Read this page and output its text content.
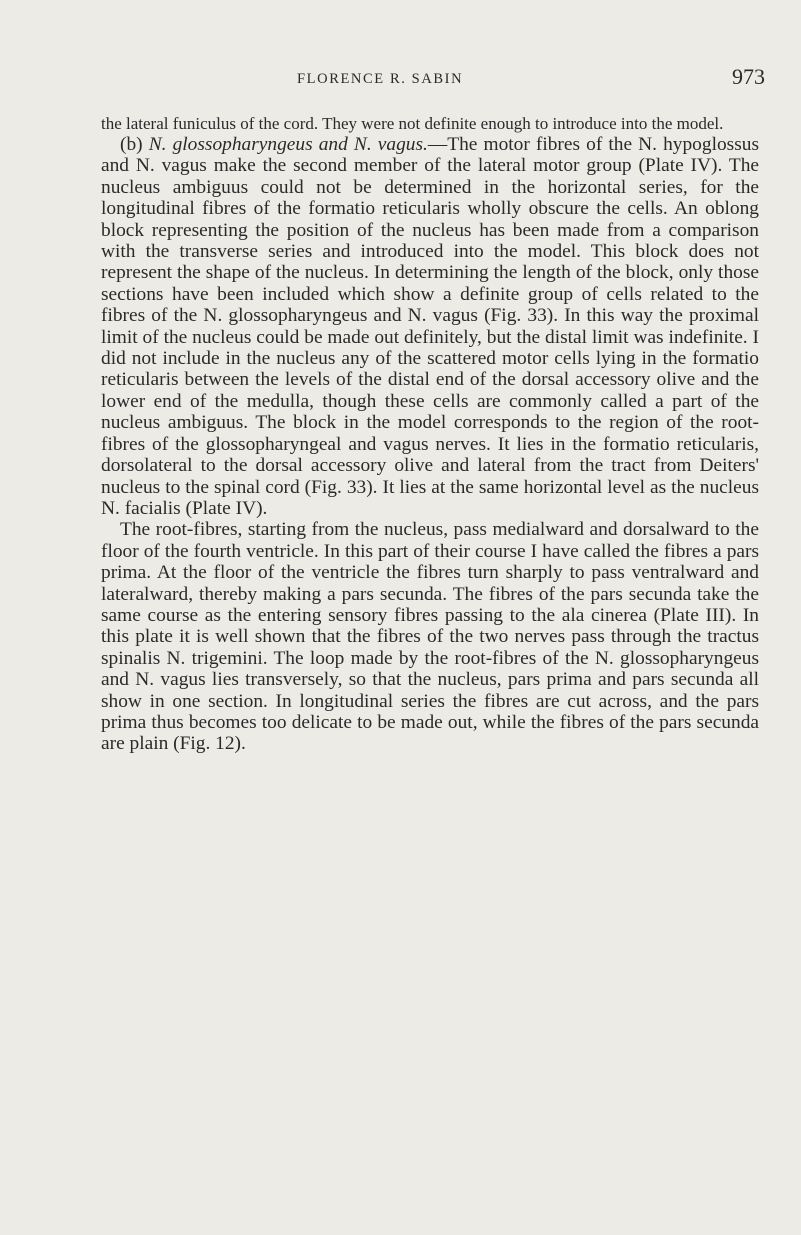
FLORENCE R. SABIN	973

the lateral funiculus of the cord. They were not definite enough to introduce into the model.

(b) N. glossopharyngeus and N. vagus.—The motor fibres of the N. hypoglossus and N. vagus make the second member of the lateral motor group (Plate IV). The nucleus ambiguus could not be determined in the horizontal series, for the longitudinal fibres of the formatio reticularis wholly obscure the cells. An oblong block representing the position of the nucleus has been made from a comparison with the transverse series and introduced into the model. This block does not represent the shape of the nucleus. In determining the length of the block, only those sections have been included which show a definite group of cells related to the fibres of the N. glossopharyngeus and N. vagus (Fig. 33). In this way the proximal limit of the nucleus could be made out definitely, but the distal limit was indefinite. I did not include in the nucleus any of the scattered motor cells lying in the formatio reticularis between the levels of the distal end of the dorsal accessory olive and the lower end of the medulla, though these cells are commonly called a part of the nucleus ambiguus. The block in the model corresponds to the region of the root-fibres of the glossopharyngeal and vagus nerves. It lies in the formatio reticularis, dorsolateral to the dorsal accessory olive and lateral from the tract from Deiters' nucleus to the spinal cord (Fig. 33). It lies at the same horizontal level as the nucleus N. facialis (Plate IV).

The root-fibres, starting from the nucleus, pass medialward and dorsalward to the floor of the fourth ventricle. In this part of their course I have called the fibres a pars prima. At the floor of the ventricle the fibres turn sharply to pass ventralward and lateralward, thereby making a pars secunda. The fibres of the pars secunda take the same course as the entering sensory fibres passing to the ala cinerea (Plate III). In this plate it is well shown that the fibres of the two nerves pass through the tractus spinalis N. trigemini. The loop made by the root-fibres of the N. glossopharyngeus and N. vagus lies transversely, so that the nucleus, pars prima and pars secunda all show in one section. In longitudinal series the fibres are cut across, and the pars prima thus becomes too delicate to be made out, while the fibres of the pars secunda are plain (Fig. 12).
